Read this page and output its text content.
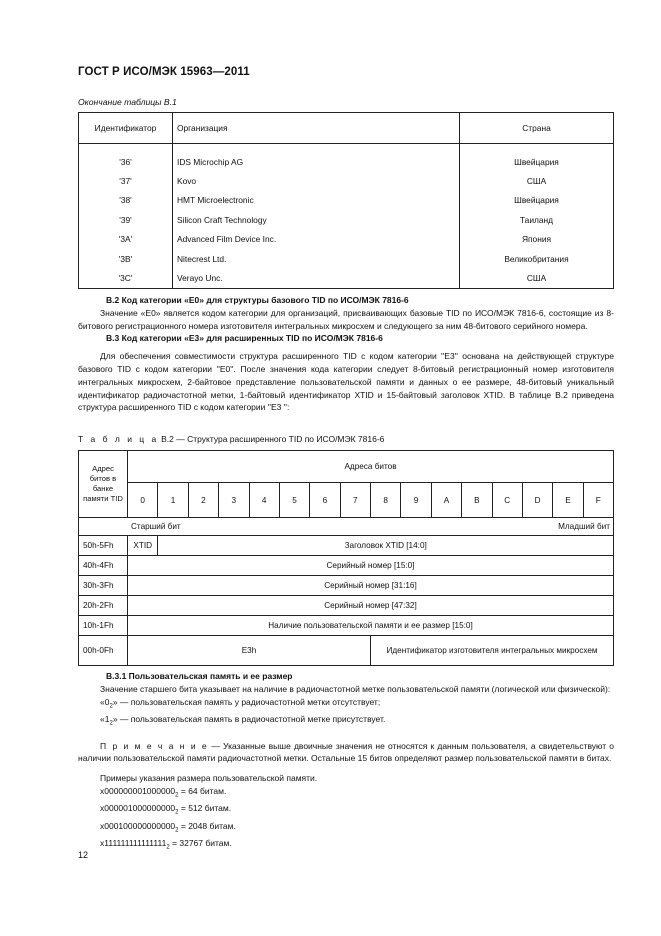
ГОСТ Р ИСО/МЭК 15963—2011
Окончание таблицы В.1
Идентификатор	Организация	Страна
'36'	IDS Microchip AG	Швейцария
'37'	Kovo	США
'38'	HMT Microelectronic	Швейцария
'39'	Silicon Craft Technology	Таиланд
'3A'	Advanced Film Device Inc.	Япония
'3B'	Nitecrest Ltd.	Великобритания
'3C'	Verayo Unc.	США

В.2 Код категории «Е0» для структуры базового TID по ИСО/МЭК 7816-6

Значение «Е0» является кодом категории для организаций, присваивающих базовые TID по ИСО/МЭК 7816-6, состоящие из 8-битового регистрационного номера изготовителя интегральных микросхем и следующего за ним 48-битового серийного номера.

В.3 Код категории «Е3» для расширенных TID по ИСО/МЭК 7816-6

Для обеспечения совместимости структура расширенного TID с кодом категории ''E3'' основана на действующей структуре базового TID с кодом категории ''E0''. После значения кода категории следует 8-битовый регистрационный номер изготовителя интегральных микросхем, 2-байтовое представление пользовательской памяти и данных о ее размере, 48-битовый уникальный идентификатор радиочастотной метки, 1-байтовый идентификатор XTID и 15-байтовый заголовок XTID. В таблице В.2 приведена структура расширенного TID с кодом категории ''E3 '':

Т а б л и ц а В.2 — Структура расширенного TID по ИСО/МЭК 7816-6
Адрес битов в банке памяти TID	Адреса битов															
	0	1	2	3	4	5	6	7	8	9	A	B	C	D	E	F

Старший бит Младший бит																

50h-5Fh	XTID	Заголовок XTID [14:0]														
40h-4Fh	Серийный номер [15:0]															
30h-3Fh	Серийный номер [31:16]															
20h-2Fh	Серийный номер [47:32]															
10h-1Fh	Наличие пользовательской памяти и ее размер [15:0]															
00h-0Fh	E3h								Идентификатор изготовителя интегральных микросхем							

В.3.1 Пользовательская память и ее размер

Значение старшего бита указывает на наличие в радиочастотной метке пользовательской памяти (логической или физической):

«$0_2$» — пользовательская память у радиочастотной метки отсутствует;

«$1_2$» — пользовательская память в радиочастотной метке присутствует.

П р и м е ч а н и е — Указанные выше двоичные значения не относятся к данным пользователя, а свидетельствуют о наличии пользовательской памяти радиочастотной метки. Остальные 15 битов определяют размер пользовательской памяти в битах.

Примеры указания размера пользовательской памяти.

$x000000001000000_2 = 64$ битам.

$x000001000000000_2 = 512$ битам.

$x000100000000000_2 = 2048$ битам.

$x111111111111111_2 = 32767$ битам.

12
